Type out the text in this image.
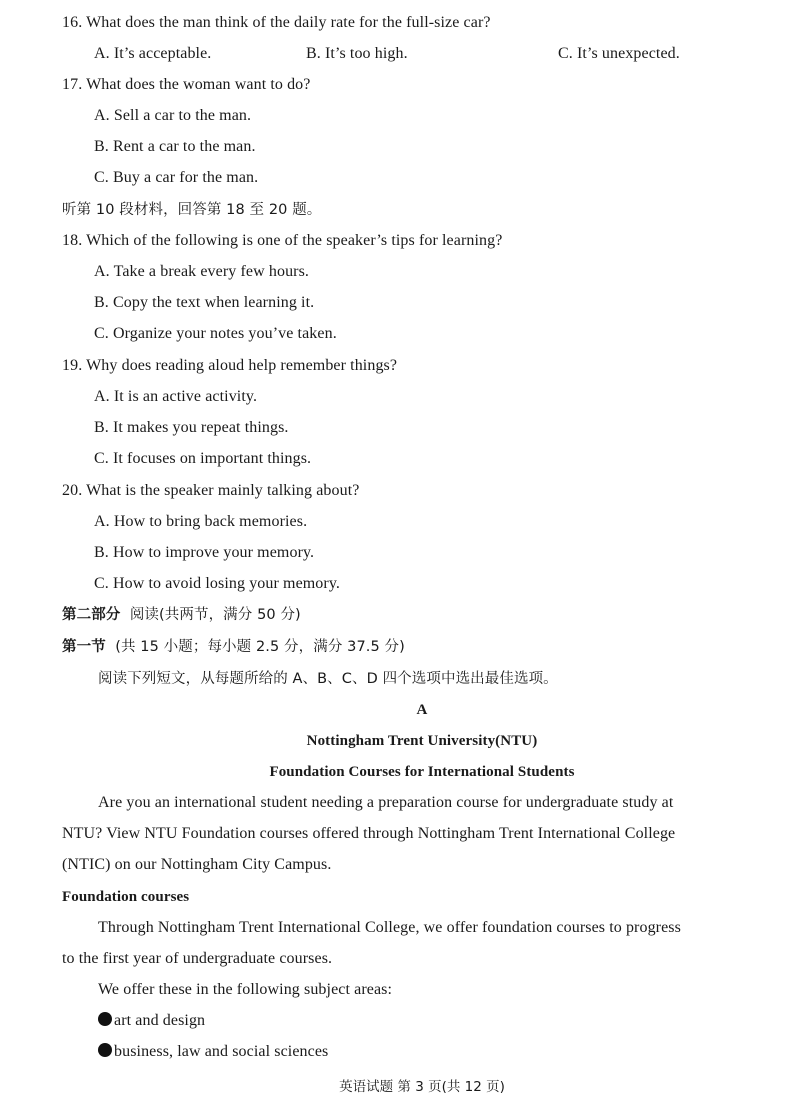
16. What does the man think of the daily rate for the full-size car?
A. It’s acceptable.	B. It’s too high.	C. It’s unexpected.
17. What does the woman want to do?
A. Sell a car to the man.
B. Rent a car to the man.
C. Buy a car for the man.
听第 10 段材料，回答第 18 至 20 题。
18. Which of the following is one of the speaker’s tips for learning?
A. Take a break every few hours.
B. Copy the text when learning it.
C. Organize your notes you’ve taken.
19. Why does reading aloud help remember things?
A. It is an active activity.
B. It makes you repeat things.
C. It focuses on important things.
20. What is the speaker mainly talking about?
A. How to bring back memories.
B. How to improve your memory.
C. How to avoid losing your memory.
第二部分  阅读(共两节，满分 50 分)
第一节  (共 15 小题；每小题 2.5 分，满分 37.5 分)
阅读下列短文，从每题所给的 A、B、C、D 四个选项中选出最佳选项。
A
Nottingham Trent University(NTU)
Foundation Courses for International Students
Are you an international student needing a preparation course for undergraduate study at
NTU? View NTU Foundation courses offered through Nottingham Trent International College
(NTIC) on our Nottingham City Campus.
Foundation courses
Through Nottingham Trent International College, we offer foundation courses to progress
to the first year of undergraduate courses.
We offer these in the following subject areas:
art and design
business, law and social sciences
英语试题 第 3 页(共 12 页)
